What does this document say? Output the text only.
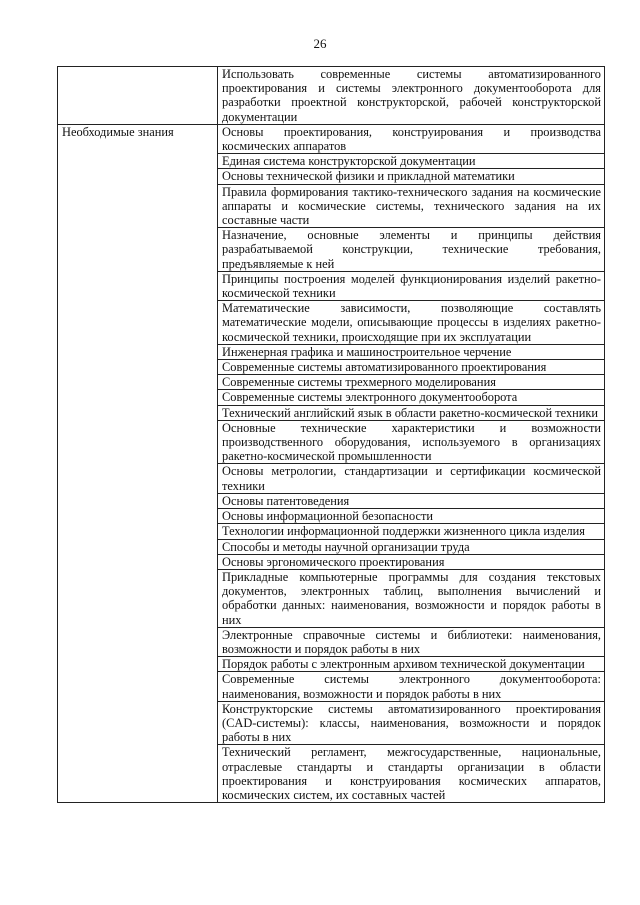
26
	Использовать современные системы автоматизированного проектирования и системы электронного документооборота для разработки проектной конструкторской, рабочей конструкторской документации
Необходимые знания	Основы проектирования, конструирования и производства космических аппаратов
	Единая система конструкторской документации
	Основы технической физики и прикладной математики
	Правила формирования тактико-технического задания на космические аппараты и космические системы, технического задания на их составные части
	Назначение, основные элементы и принципы действия разрабатываемой конструкции, технические требования, предъявляемые к ней
	Принципы построения моделей функционирования изделий ракетно-космической техники
	Математические зависимости, позволяющие составлять математические модели, описывающие процессы в изделиях ракетно-космической техники, происходящие при их эксплуатации
	Инженерная графика и машиностроительное черчение
	Современные системы автоматизированного проектирования
	Современные системы трехмерного моделирования
	Современные системы электронного документооборота
	Технический английский язык в области ракетно-космической техники
	Основные технические характеристики и возможности производственного оборудования, используемого в организациях ракетно-космической промышленности
	Основы метрологии, стандартизации и сертификации космической техники
	Основы патентоведения
	Основы информационной безопасности
	Технологии информационной поддержки жизненного цикла изделия
	Способы и методы научной организации труда
	Основы эргономического проектирования
	Прикладные компьютерные программы для создания текстовых документов, электронных таблиц, выполнения вычислений и обработки данных: наименования, возможности и порядок работы в них
	Электронные справочные системы и библиотеки: наименования, возможности и порядок работы в них
	Порядок работы с электронным архивом технической документации
	Современные системы электронного документооборота: наименования, возможности и порядок работы в них
	Конструкторские системы автоматизированного проектирования (CAD-системы): классы, наименования, возможности и порядок работы в них
	Технический регламент, межгосударственные, национальные, отраслевые стандарты и стандарты организации в области проектирования и конструирования космических аппаратов, космических систем, их составных частей
